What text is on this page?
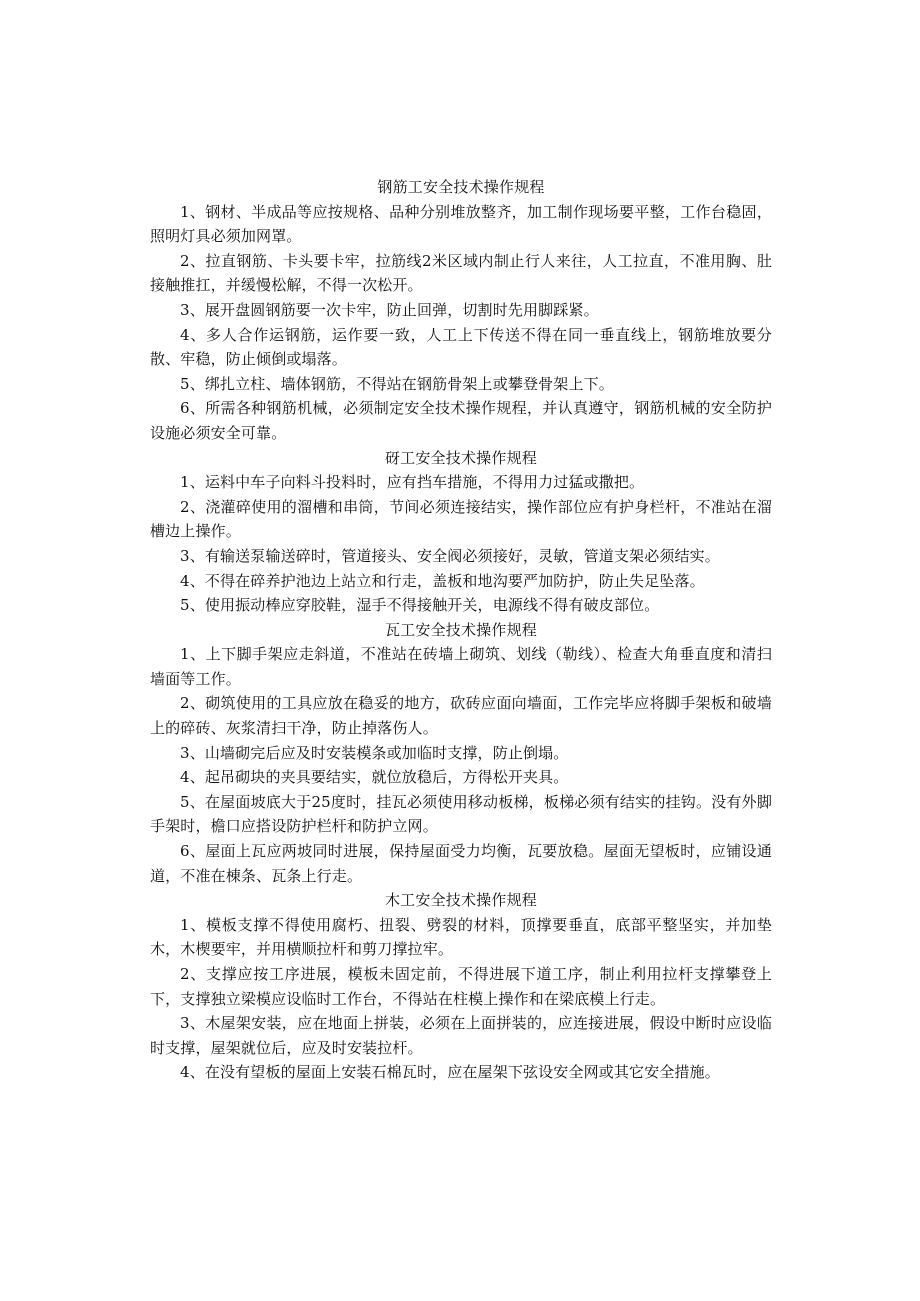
钢筋工安全技术操作规程

1、钢材、半成品等应按规格、品种分别堆放整齐，加工制作现场要平整，工作台稳固，照明灯具必须加网罩。

2、拉直钢筋、卡头要卡牢，拉筋线2米区域内制止行人来往，人工拉直，不准用胸、肚接触推扛，并缓慢松解，不得一次松开。

3、展开盘圆钢筋要一次卡牢，防止回弹，切割时先用脚踩紧。

4、多人合作运钢筋，运作要一致，人工上下传送不得在同一垂直线上，钢筋堆放要分散、牢稳，防止倾倒或塌落。

5、绑扎立柱、墙体钢筋，不得站在钢筋骨架上或攀登骨架上下。

6、所需各种钢筋机械，必须制定安全技术操作规程，并认真遵守，钢筋机械的安全防护设施必须安全可靠。

砑工安全技术操作规程

1、运料中车子向料斗投料时，应有挡车措施，不得用力过猛或撒把。

2、浇灌碎使用的溜槽和串筒，节间必须连接结实，操作部位应有护身栏杆，不准站在溜槽边上操作。

3、有输送泵输送碎时，管道接头、安全阀必须接好，灵敏，管道支架必须结实。

4、不得在碎养护池边上站立和行走，盖板和地沟要严加防护，防止失足坠落。

5、使用振动棒应穿胶鞋，湿手不得接触开关，电源线不得有破皮部位。

瓦工安全技术操作规程

1、上下脚手架应走斜道，不准站在砖墙上砌筑、划线（勒线）、检查大角垂直度和清扫墙面等工作。

2、砌筑使用的工具应放在稳妥的地方，砍砖应面向墙面，工作完毕应将脚手架板和破墙上的碎砖、灰浆清扫干净，防止掉落伤人。

3、山墙砌完后应及时安装模条或加临时支撑，防止倒塌。

4、起吊砌块的夹具要结实，就位放稳后，方得松开夹具。

5、在屋面坡底大于25度时，挂瓦必须使用移动板梯，板梯必须有结实的挂钩。没有外脚手架时，檐口应搭设防护栏杆和防护立网。

6、屋面上瓦应两坡同时进展，保持屋面受力均衡，瓦要放稳。屋面无望板时，应铺设通道，不准在棟条、瓦条上行走。

木工安全技术操作规程

1、模板支撑不得使用腐朽、扭裂、劈裂的材料，顶撑要垂直，底部平整坚实，并加垫木，木楔要牢，并用横顺拉杆和剪刀撑拉牢。

2、支撑应按工序进展，模板未固定前，不得进展下道工序，制止利用拉杆支撑攀登上下，支撑独立梁模应设临时工作台，不得站在柱模上操作和在梁底模上行走。

3、木屋架安装，应在地面上拼装，必须在上面拼装的，应连接进展，假设中断时应设临时支撑，屋架就位后，应及时安装拉杆。

4、在没有望板的屋面上安装石棉瓦时，应在屋架下弦设安全网或其它安全措施。
